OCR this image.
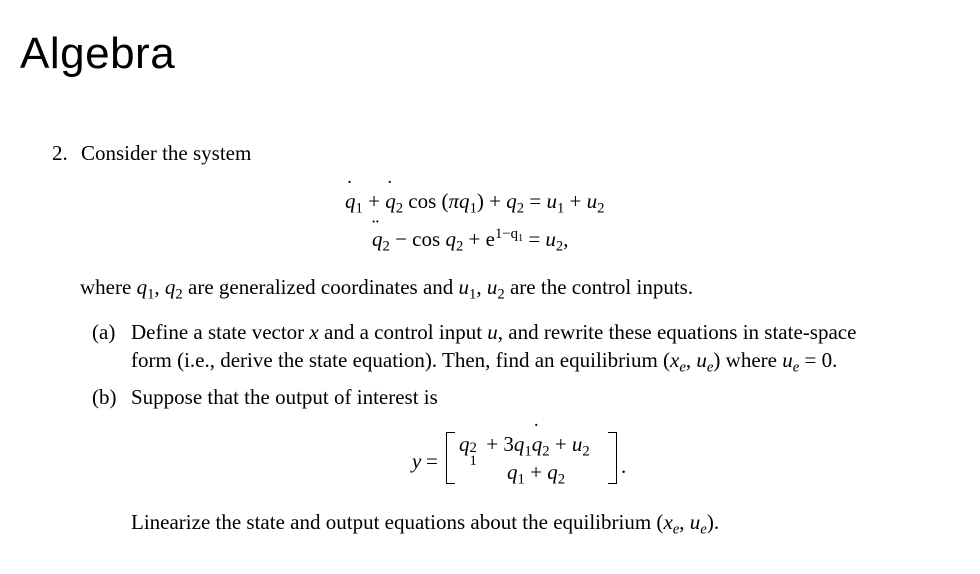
Algebra
2. Consider the system
˙ $q_1$ + ˙ $q_2$ $\cos (\pi q_1) + q_2 = u_1 + u_2$
¨ $q_2 - \cos q_2 + e^{1-q_1} = u_2$,
where $q_1$, $q_2$ are generalized coordinates and $u_1$, $u_2$ are the control inputs.
(a) Define a state vector x and a control input u, and rewrite these equations in state-space
form (i.e., derive the state equation). Then, find an equilibrium ($x_e$, $u_e$) where $u_e = 0$.
(b) Suppose that the output of interest is
y =
q 2
1
+ $3q_1˙$ $q_2 + u_2$
$q_1 + q_2$
.
Linearize the state and output equations about the equilibrium ($x_e$, $u_e$).
